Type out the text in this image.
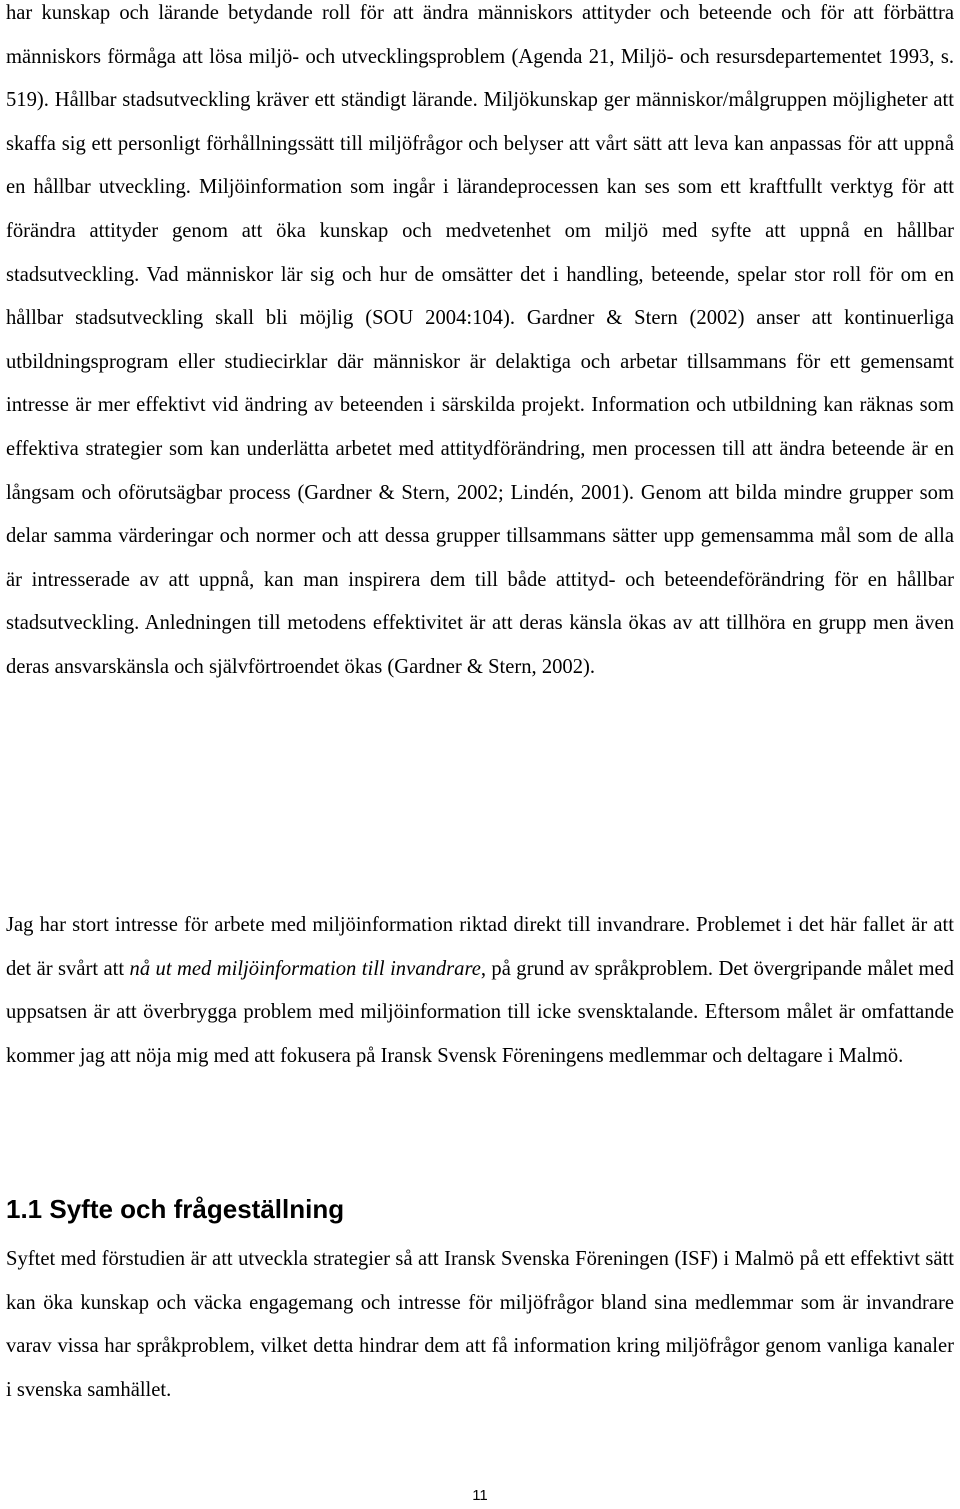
har kunskap och lärande betydande roll för att ändra människors attityder och beteende och för att förbättra människors förmåga att lösa miljö- och utvecklingsproblem (Agenda 21, Miljö- och resursdepartementet 1993, s. 519). Hållbar stadsutveckling kräver ett ständigt lärande. Miljökunskap ger människor/målgruppen möjligheter att skaffa sig ett personligt förhållningssätt till miljöfrågor och belyser att vårt sätt att leva kan anpassas för att uppnå en hållbar utveckling. Miljöinformation som ingår i lärandeprocessen kan ses som ett kraftfullt verktyg för att förändra attityder genom att öka kunskap och medvetenhet om miljö med syfte att uppnå en hållbar stadsutveckling. Vad människor lär sig och hur de omsätter det i handling, beteende, spelar stor roll för om en hållbar stadsutveckling skall bli möjlig (SOU 2004:104). Gardner & Stern (2002) anser att kontinuerliga utbildningsprogram eller studiecirklar där människor är delaktiga och arbetar tillsammans för ett gemensamt intresse är mer effektivt vid ändring av beteenden i särskilda projekt. Information och utbildning kan räknas som effektiva strategier som kan underlätta arbetet med attitydförändring, men processen till att ändra beteende är en långsam och oförutsägbar process (Gardner & Stern, 2002; Lindén, 2001). Genom att bilda mindre grupper som delar samma värderingar och normer och att dessa grupper tillsammans sätter upp gemensamma mål som de alla är intresserade av att uppnå, kan man inspirera dem till både attityd- och beteendeförändring för en hållbar stadsutveckling. Anledningen till metodens effektivitet är att deras känsla ökas av att tillhöra en grupp men även deras ansvarskänsla och självförtroendet ökas (Gardner & Stern, 2002).

Jag har stort intresse för arbete med miljöinformation riktad direkt till invandrare. Problemet i det här fallet är att det är svårt att nå ut med miljöinformation till invandrare, på grund av språkproblem. Det övergripande målet med uppsatsen är att överbrygga problem med miljöinformation till icke svensktalande. Eftersom målet är omfattande kommer jag att nöja mig med att fokusera på Iransk Svensk Föreningens medlemmar och deltagare i Malmö.

1.1 Syfte och frågeställning

Syftet med förstudien är att utveckla strategier så att Iransk Svenska Föreningen (ISF) i Malmö på ett effektivt sätt kan öka kunskap och väcka engagemang och intresse för miljöfrågor bland sina medlemmar som är invandrare varav vissa har språkproblem, vilket detta hindrar dem att få information kring miljöfrågor genom vanliga kanaler i svenska samhället.

11
